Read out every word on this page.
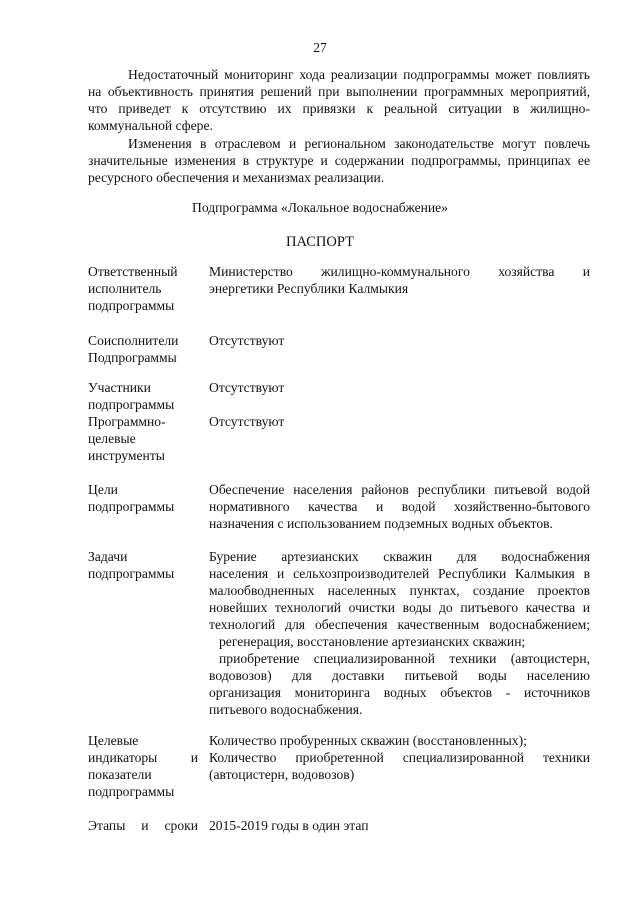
27
Недостаточный мониторинг хода реализации подпрограммы может повлиять на объективность принятия решений при выполнении программных мероприятий, что приведет к отсутствию их привязки к реальной ситуации в жилищно-коммунальной сфере.
Изменения в отраслевом и региональном законодательстве могут повлечь значительные изменения в структуре и содержании подпрограммы, принципах ее ресурсного обеспечения и механизмах реализации.
Подпрограмма «Локальное водоснабжение»
ПАСПОРТ
Ответственный
исполнитель
подпрограммы
Министерство жилищно-коммунального хозяйства и
энергетики Республики Калмыкия
Соисполнители
Подпрограммы
Отсутствуют
Участники
подпрограммы
Отсутствуют
Программно-
целевые
инструменты
Отсутствуют
Цели
подпрограммы
Обеспечение населения районов республики питьевой водой
нормативного качества и водой хозяйственно-бытового
назначения с использованием подземных водных объектов.
Задачи
подпрограммы
Бурение артезианских скважин для водоснабжения
населения и сельхозпроизводителей Республики Калмыкия в
малообводненных населенных пунктах, создание проектов
новейших технологий очистки воды до питьевого качества и
технологий для обеспечения качественным водоснабжением;
регенерация, восстановление артезианских скважин;
приобретение специализированной техники (автоцистерн,
водовозов) для доставки питьевой воды населению
организация мониторинга водных объектов - источников
питьевого водоснабжения.
Целевые
индикаторы и
показатели
подпрограммы
Количество пробуренных скважин (восстановленных);
Количество приобретенной специализированной техники
(автоцистерн, водовозов)
Этапы и сроки 2015-2019 годы в один этап
